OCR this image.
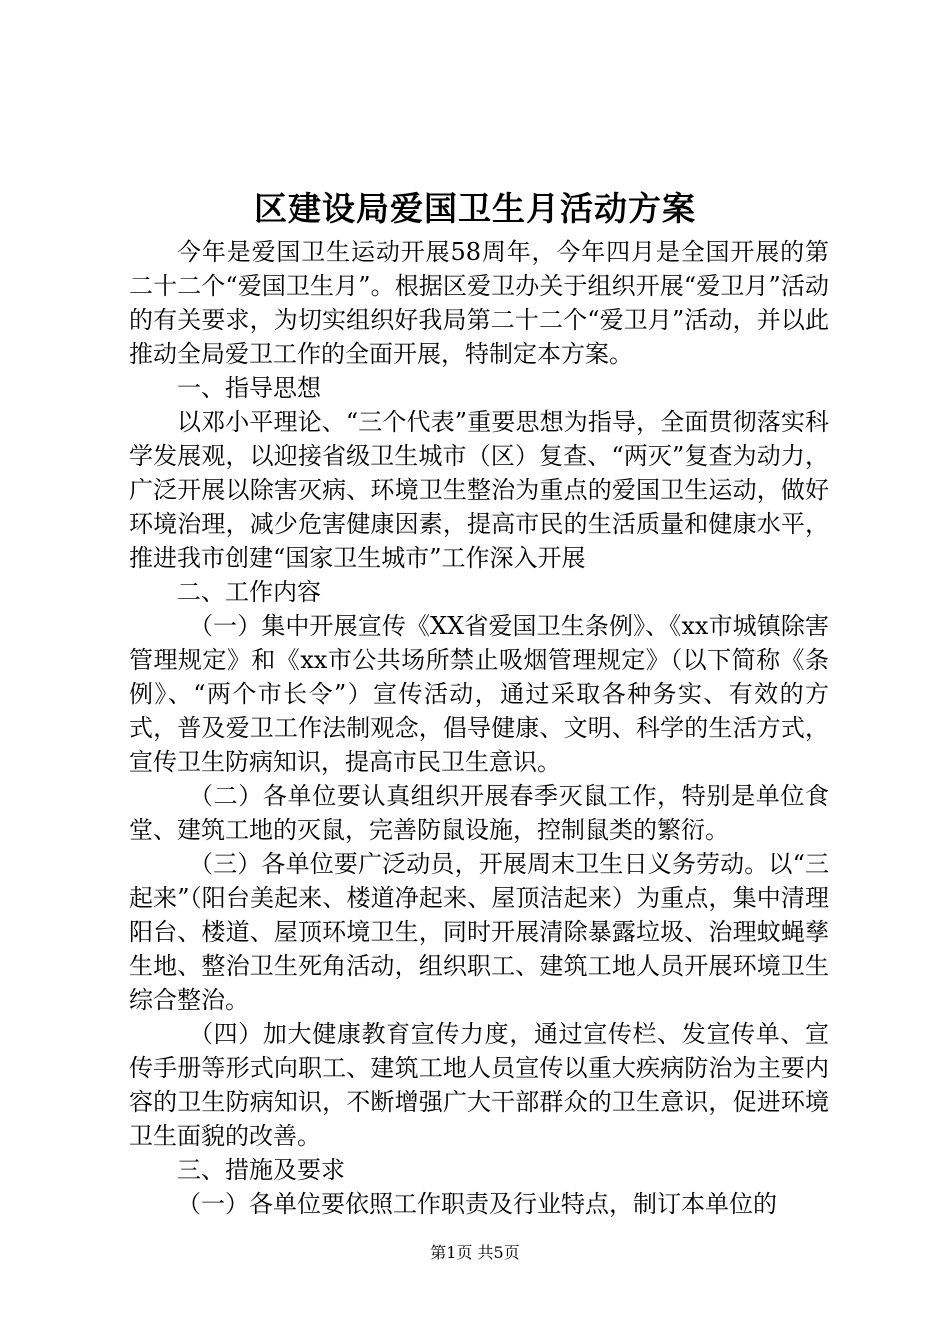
区建设局爱国卫生月活动方案

今年是爱国卫生运动开展58周年，今年四月是全国开展的第二十二个“爱国卫生月”。根据区爱卫办关于组织开展“爱卫月”活动的有关要求，为切实组织好我局第二十二个“爱卫月”活动，并以此推动全局爱卫工作的全面开展，特制定本方案。

一、指导思想

以邓小平理论、“三个代表”重要思想为指导，全面贯彻落实科学发展观，以迎接省级卫生城市（区）复查、“两灭”复查为动力，广泛开展以除害灭病、环境卫生整治为重点的爱国卫生运动，做好环境治理，减少危害健康因素，提高市民的生活质量和健康水平，推进我市创建“国家卫生城市”工作深入开展

二、工作内容

（一）集中开展宣传《XX省爱国卫生条例》、《xx市城镇除害管理规定》和《xx市公共场所禁止吸烟管理规定》（以下简称《条例》、“两个市长令”）宣传活动，通过采取各种务实、有效的方式，普及爱卫工作法制观念，倡导健康、文明、科学的生活方式，宣传卫生防病知识，提高市民卫生意识。

（二）各单位要认真组织开展春季灭鼠工作，特别是单位食堂、建筑工地的灭鼠，完善防鼠设施，控制鼠类的繁衍。

（三）各单位要广泛动员，开展周末卫生日义务劳动。以“三起来”（阳台美起来、楼道净起来、屋顶洁起来）为重点，集中清理阳台、楼道、屋顶环境卫生，同时开展清除暴露垃圾、治理蚊蝇孳生地、整治卫生死角活动，组织职工、建筑工地人员开展环境卫生综合整治。

（四）加大健康教育宣传力度，通过宣传栏、发宣传单、宣传手册等形式向职工、建筑工地人员宣传以重大疾病防治为主要内容的卫生防病知识，不断增强广大干部群众的卫生意识，促进环境卫生面貌的改善。

三、措施及要求

（一）各单位要依照工作职责及行业特点，制订本单位的

第1页 共5页
